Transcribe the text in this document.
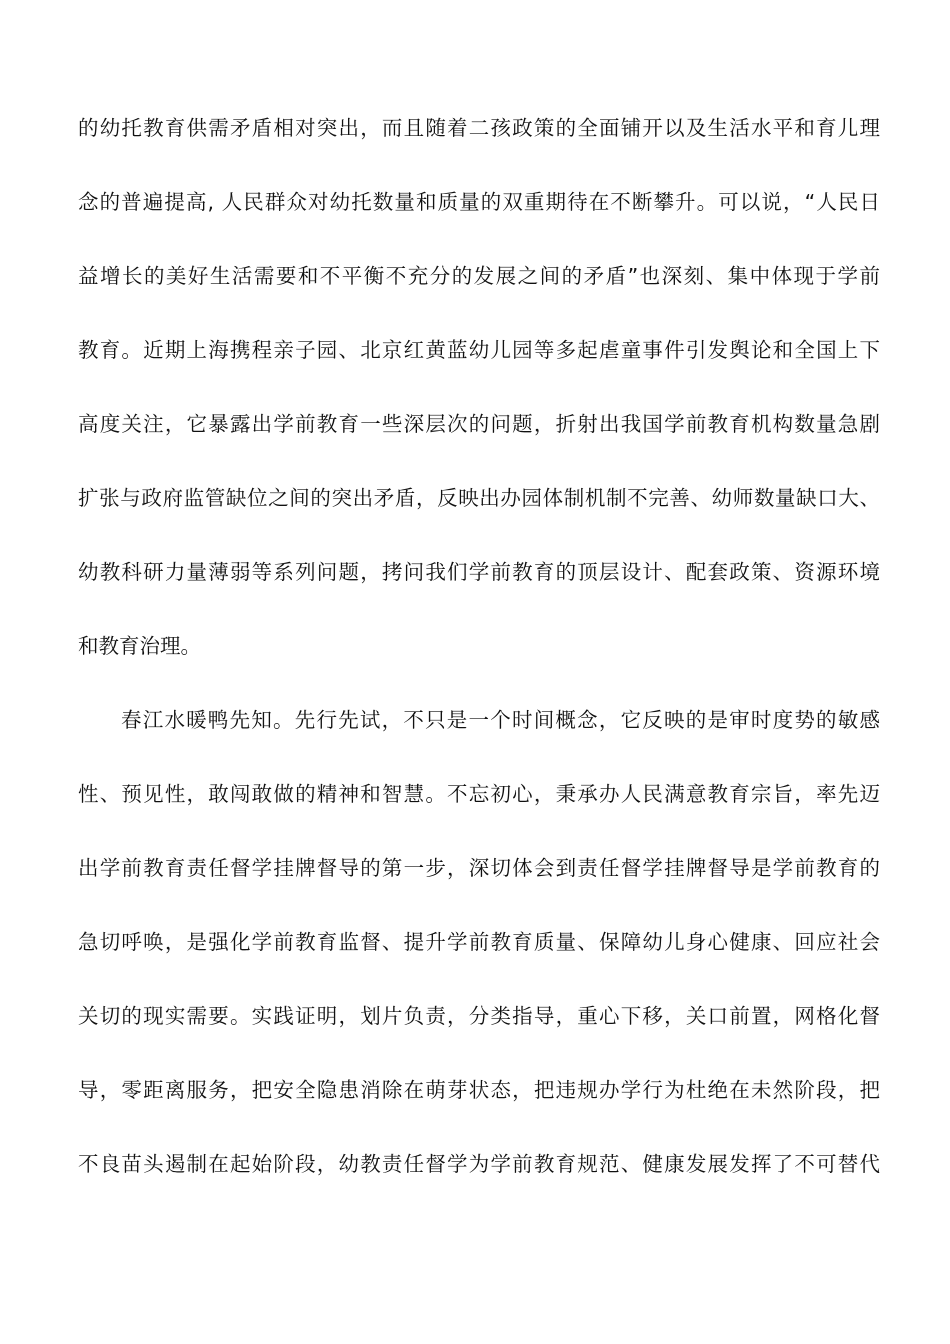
的幼托教育供需矛盾相对突出，而且随着二孩政策的全面铺开以及生活水平和育儿理
念的普遍提高, 人民群众对幼托数量和质量的双重期待在不断攀升。可以说，“人民日
益增长的美好生活需要和不平衡不充分的发展之间的矛盾”也深刻、集中体现于学前
教育。近期上海携程亲子园、北京红黄蓝幼儿园等多起虐童事件引发舆论和全国上下
高度关注，它暴露出学前教育一些深层次的问题，折射出我国学前教育机构数量急剧
扩张与政府监管缺位之间的突出矛盾，反映出办园体制机制不完善、幼师数量缺口大、
幼教科研力量薄弱等系列问题，拷问我们学前教育的顶层设计、配套政策、资源环境
和教育治理。
春江水暖鸭先知。先行先试，不只是一个时间概念，它反映的是审时度势的敏感
性、预见性，敢闯敢做的精神和智慧。不忘初心，秉承办人民满意教育宗旨，率先迈
出学前教育责任督学挂牌督导的第一步，深切体会到责任督学挂牌督导是学前教育的
急切呼唤，是强化学前教育监督、提升学前教育质量、保障幼儿身心健康、回应社会
关切的现实需要。实践证明，划片负责，分类指导，重心下移，关口前置，网格化督
导，零距离服务，把安全隐患消除在萌芽状态，把违规办学行为杜绝在未然阶段，把
不良苗头遏制在起始阶段，幼教责任督学为学前教育规范、健康发展发挥了不可替代
